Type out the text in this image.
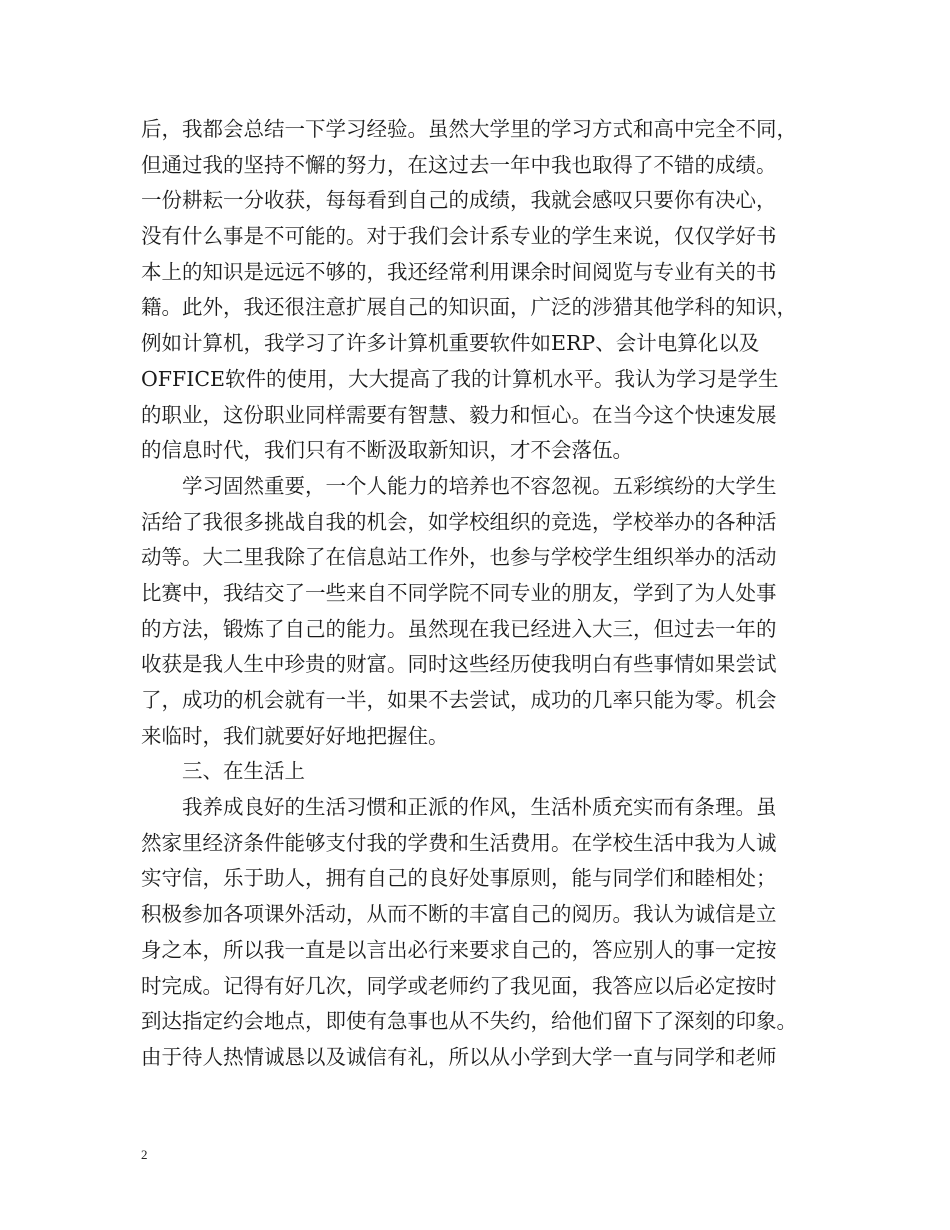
后，我都会总结一下学习经验。虽然大学里的学习方式和高中完全不同，
但通过我的坚持不懈的努力，在这过去一年中我也取得了不错的成绩。
一份耕耘一分收获，每每看到自己的成绩，我就会感叹只要你有决心，
没有什么事是不可能的。对于我们会计系专业的学生来说，仅仅学好书
本上的知识是远远不够的，我还经常利用课余时间阅览与专业有关的书
籍。此外，我还很注意扩展自己的知识面，广泛的涉猎其他学科的知识，
例如计算机，我学习了许多计算机重要软件如ERP、会计电算化以及
OFFICE软件的使用，大大提高了我的计算机水平。我认为学习是学生
的职业，这份职业同样需要有智慧、毅力和恒心。在当今这个快速发展
的信息时代，我们只有不断汲取新知识，才不会落伍。
　　学习固然重要，一个人能力的培养也不容忽视。五彩缤纷的大学生
活给了我很多挑战自我的机会，如学校组织的竞选，学校举办的各种活
动等。大二里我除了在信息站工作外，也参与学校学生组织举办的活动
比赛中，我结交了一些来自不同学院不同专业的朋友，学到了为人处事
的方法，锻炼了自己的能力。虽然现在我已经进入大三，但过去一年的
收获是我人生中珍贵的财富。同时这些经历使我明白有些事情如果尝试
了，成功的机会就有一半，如果不去尝试，成功的几率只能为零。机会
来临时，我们就要好好地把握住。
　　三、在生活上
　　我养成良好的生活习惯和正派的作风，生活朴质充实而有条理。虽
然家里经济条件能够支付我的学费和生活费用。在学校生活中我为人诚
实守信，乐于助人，拥有自己的良好处事原则，能与同学们和睦相处；
积极参加各项课外活动，从而不断的丰富自己的阅历。我认为诚信是立
身之本，所以我一直是以言出必行来要求自己的，答应别人的事一定按
时完成。记得有好几次，同学或老师约了我见面，我答应以后必定按时
到达指定约会地点，即使有急事也从不失约，给他们留下了深刻的印象。
由于待人热情诚恳以及诚信有礼，所以从小学到大学一直与同学和老师
2
